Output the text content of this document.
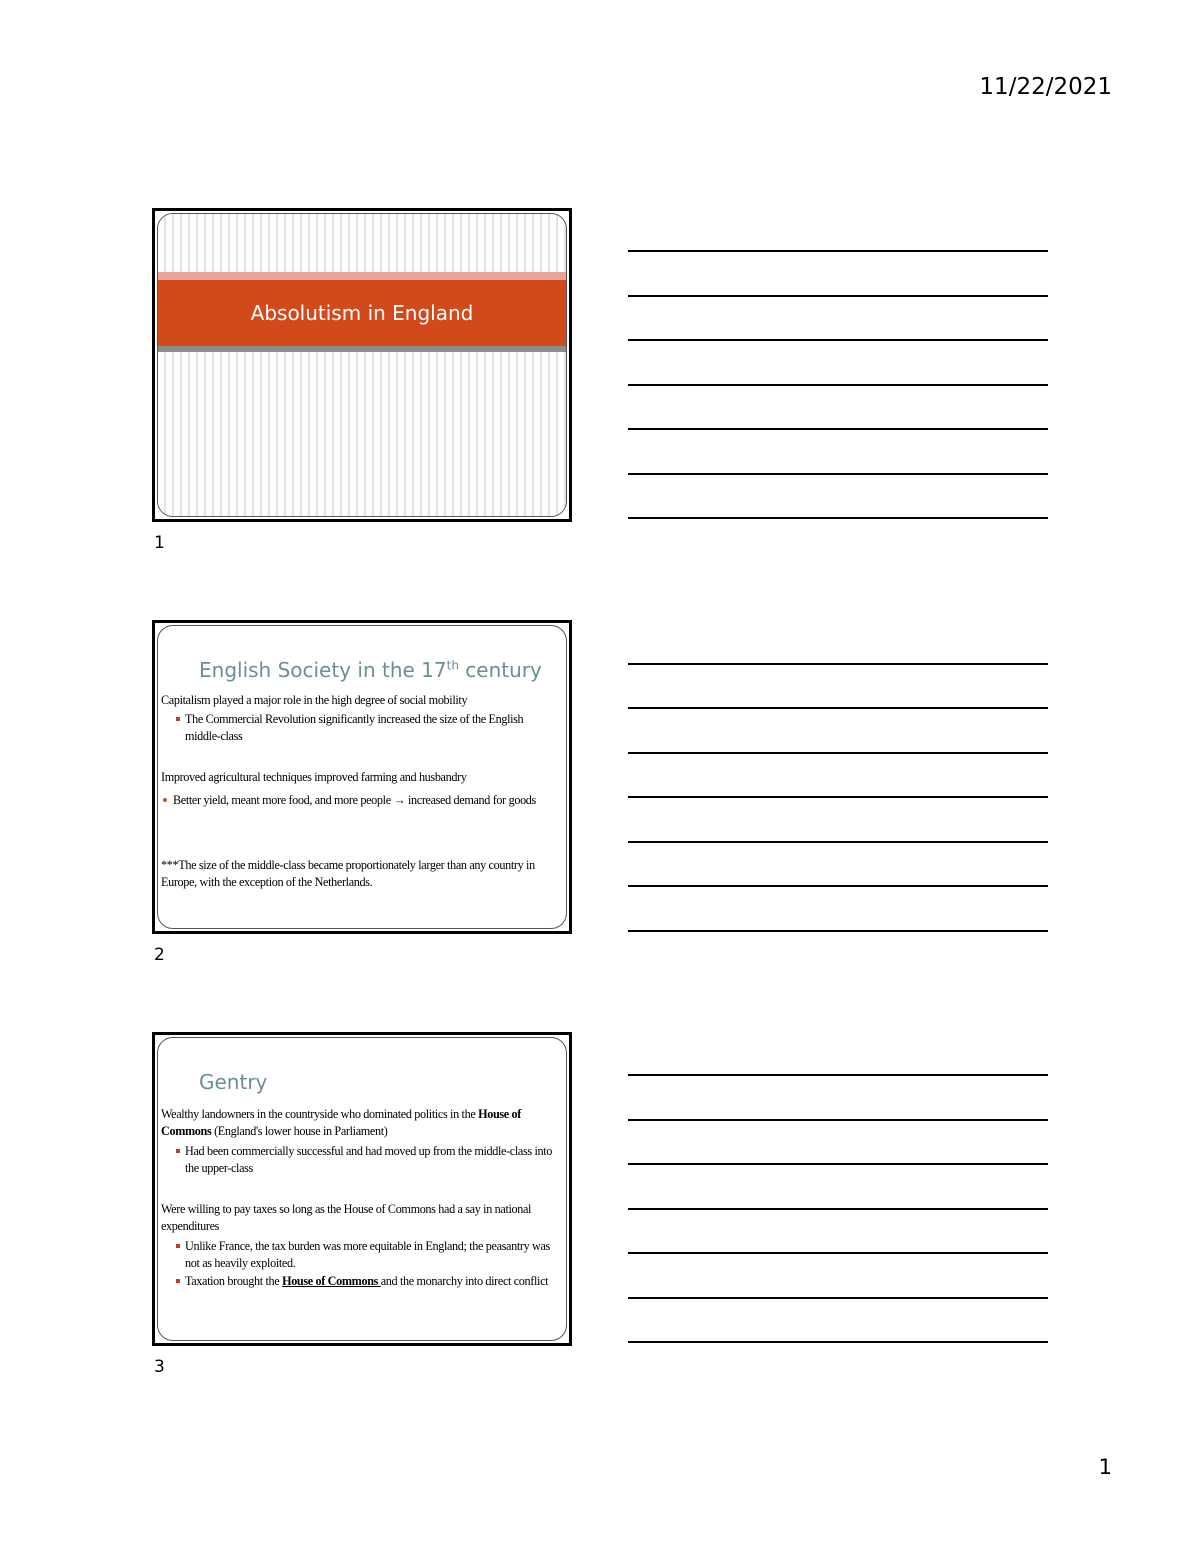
11/22/2021
Absolutism in England
1
English Society in the 17th century

Capitalism played a major role in the high degree of social mobility

The Commercial Revolution significantly increased the size of the English middle-class

Improved agricultural techniques improved farming and husbandry

Better yield, meant more food, and more people → increased demand for goods

***The size of the middle-class became proportionately larger than any country in Europe, with the exception of the Netherlands.

2
Gentry

Wealthy landowners in the countryside who dominated politics in the House of Commons (England's lower house in Parliament)

Had been commercially successful and had moved up from the middle-class into the upper-class

Were willing to pay taxes so long as the House of Commons had a say in national expenditures

Unlike France, the tax burden was more equitable in England; the peasantry was not as heavily exploited.

Taxation brought the House of Commons and the monarchy into direct conflict

3
1
